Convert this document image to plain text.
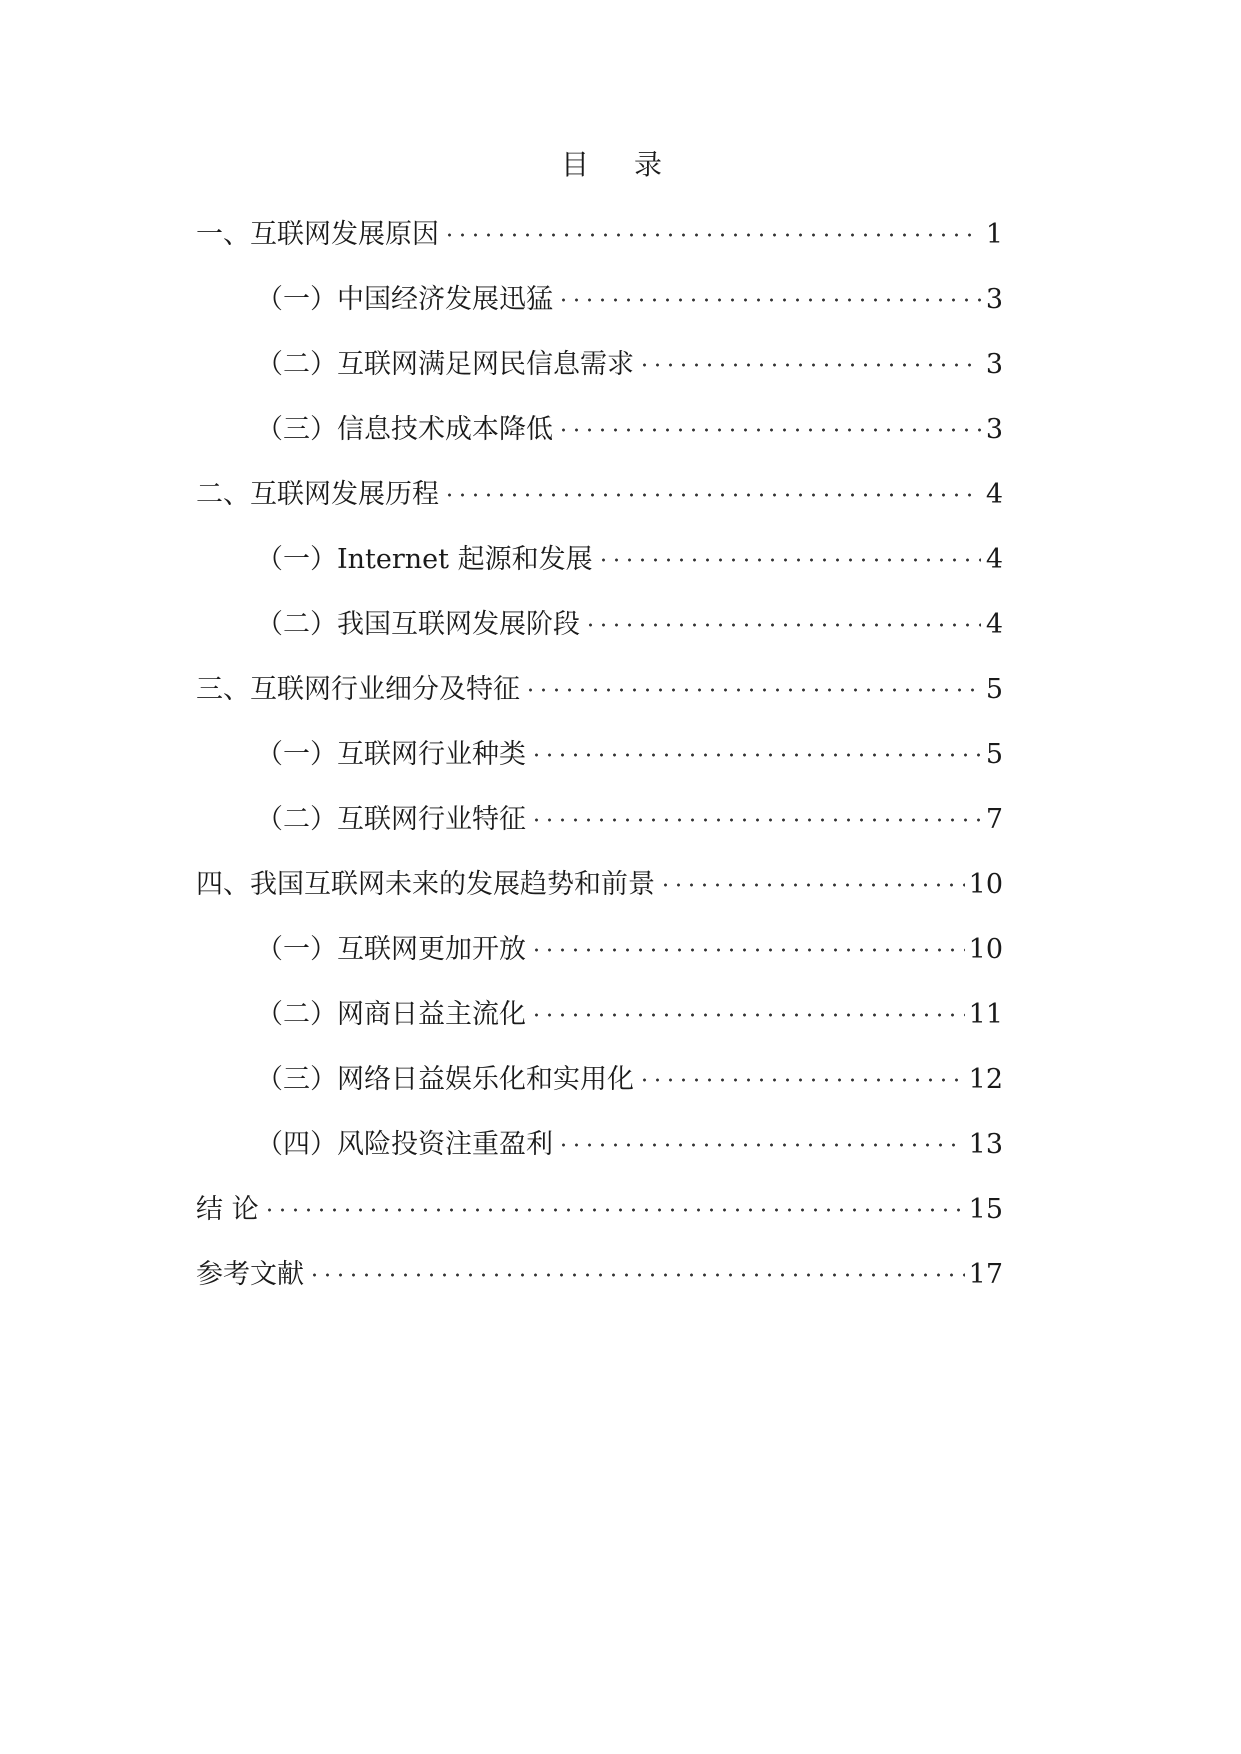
目 录
一、互联网发展原因	1
（一）中国经济发展迅猛	3
（二）互联网满足网民信息需求	3
（三）信息技术成本降低	3
二、互联网发展历程	4
（一）Internet 起源和发展	4
（二）我国互联网发展阶段	4
三、互联网行业细分及特征	5
（一）互联网行业种类	5
（二）互联网行业特征	7
四、我国互联网未来的发展趋势和前景	10
（一）互联网更加开放	10
（二）网商日益主流化	11
（三）网络日益娱乐化和实用化	12
（四）风险投资注重盈利	13
结 论	15
参考文献	17
